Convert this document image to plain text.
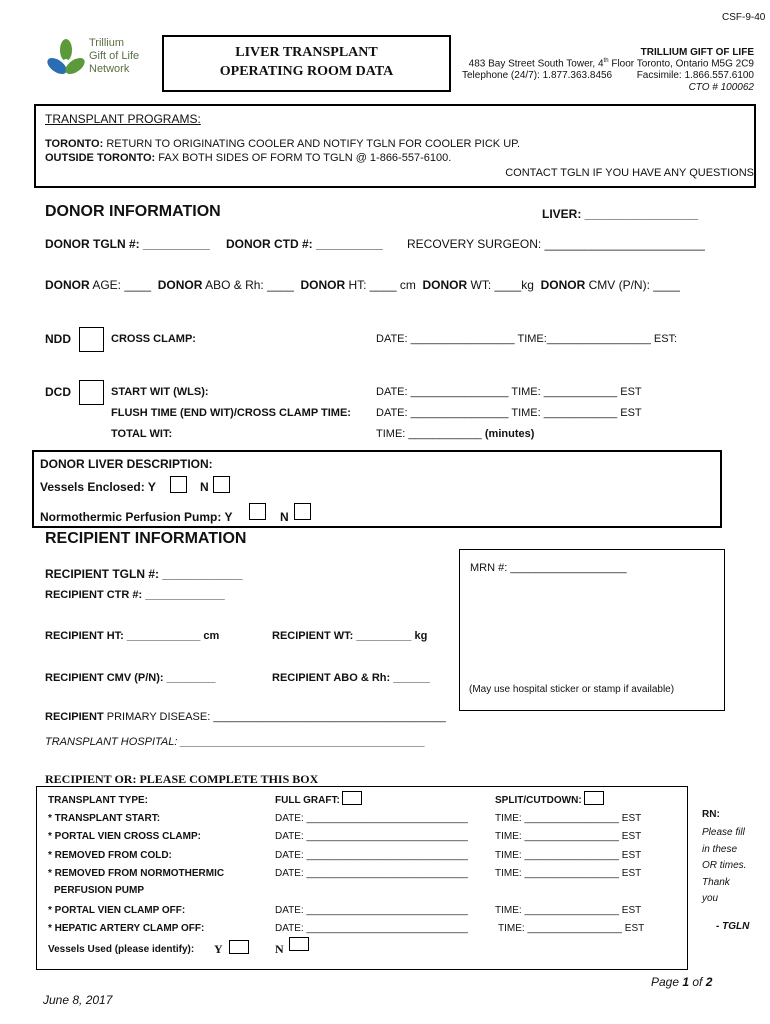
CSF-9-40
Trillium
Gift of Life
Network
LIVER TRANSPLANT
OPERATING ROOM DATA
TRILLIUM GIFT OF LIFE
483 Bay Street South Tower, 4th Floor Toronto, Ontario M5G 2C9
Telephone (24/7): 1.877.363.8456 Facsimile: 1.866.557.6100
CTO # 100062
TRANSPLANT PROGRAMS:
TORONTO: RETURN TO ORIGINATING COOLER AND NOTIFY TGLN FOR COOLER PICK UP.
OUTSIDE TORONTO: FAX BOTH SIDES OF FORM TO TGLN @ 1-866-557-6100.
CONTACT TGLN IF YOU HAVE ANY QUESTIONS
DONOR INFORMATION	LIVER: _________________
DONOR TGLN #: __________ DONOR CTD #: __________ RECOVERY SURGEON: ________________________
DONOR AGE: ____ DONOR ABO & Rh: ____ DONOR HT: ____ cm DONOR WT: ____kg DONOR CMV (P/N): ____
NDD	CROSS CLAMP:	DATE: _________________ TIME:_________________ EST:
DCD	START WIT (WLS):	DATE: ________________ TIME: ____________ EST
FLUSH TIME (END WIT)/CROSS CLAMP TIME: DATE: ________________ TIME: ____________ EST
TOTAL WIT:	TIME: ____________ (minutes)
DONOR LIVER DESCRIPTION:
Vessels Enclosed: Y	N
Normothermic Perfusion Pump: Y	N
RECIPIENT INFORMATION
RECIPIENT TGLN #: ____________
RECIPIENT CTR #: _____________
RECIPIENT HT: ____________ cm	RECIPIENT WT: _________ kg
RECIPIENT CMV (P/N): ________	RECIPIENT ABO & Rh: ______
MRN #: ___________________
(May use hospital sticker or stamp if available)
RECIPIENT PRIMARY DISEASE: ______________________________________
TRANSPLANT HOSPITAL: ________________________________________
RECIPIENT OR: PLEASE COMPLETE THIS BOX
TRANSPLANT TYPE:	FULL GRAFT:	SPLIT/CUTDOWN:
* TRANSPLANT START:	DATE: _____________________________	TIME: _________________ EST
* PORTAL VIEN CROSS CLAMP:	DATE: _____________________________	TIME: _________________ EST
* REMOVED FROM COLD:	DATE: _____________________________	TIME: _________________ EST
* REMOVED FROM NORMOTHERMIC	DATE: _____________________________	TIME: _________________ EST
PERFUSION PUMP
* PORTAL VIEN CLAMP OFF:	DATE: _____________________________	TIME: _________________ EST
* HEPATIC ARTERY CLAMP OFF:	DATE: _____________________________	TIME: _________________ EST
Vessels Used (please identify): Y	N
RN:
Please fill
in these
OR times.
Thank
you
- TGLN
Page 1 of 2
June 8, 2017
